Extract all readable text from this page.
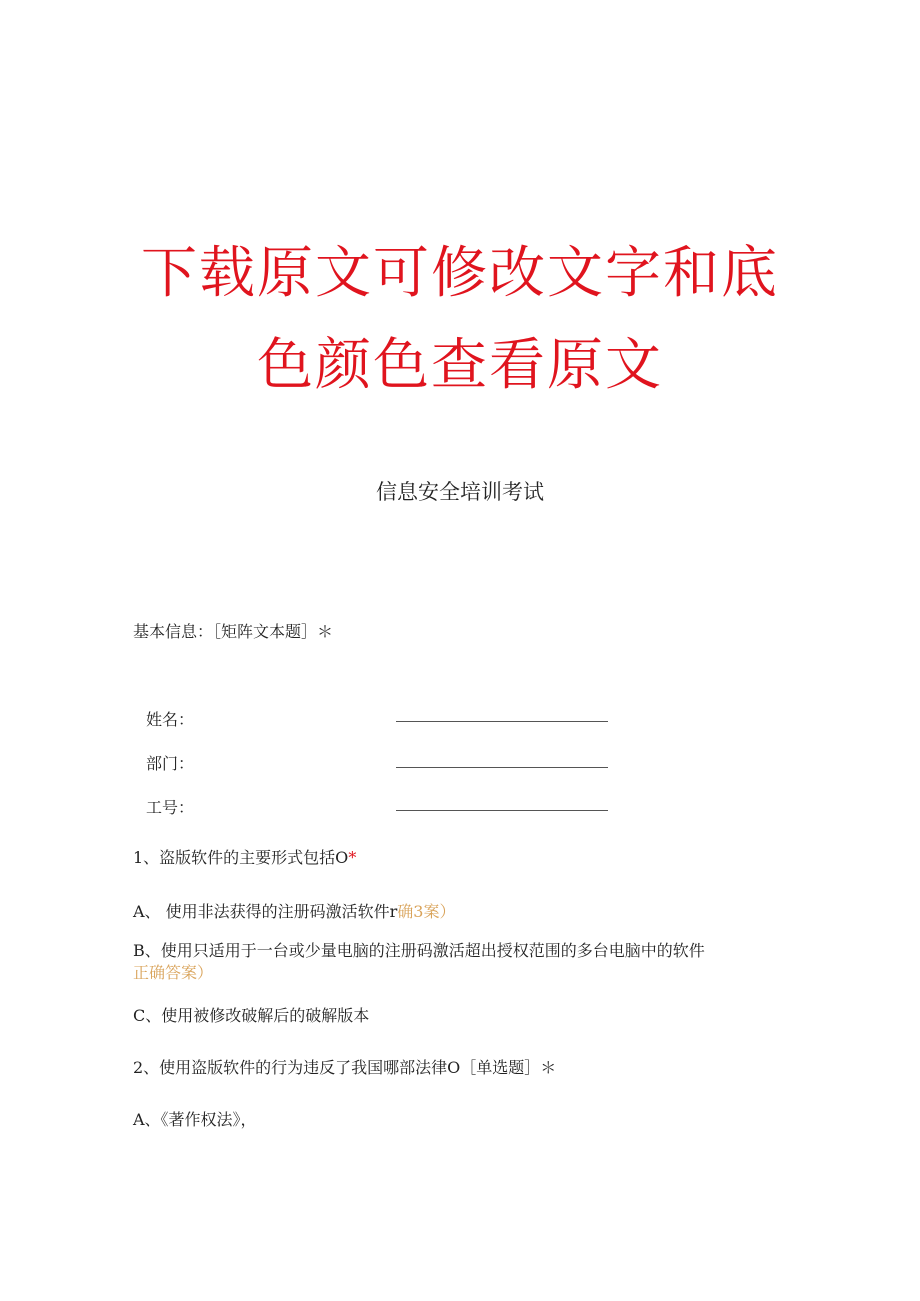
下载原文可修改文字和底
色颜色查看原文
信息安全培训考试
基本信息：［矩阵文本题］＊
姓名：
部门：
工号：
1、盗版软件的主要形式包括O*
A、 使用非法获得的注册码激活软件r确3案）
B、使用只适用于一台或少量电脑的注册码激活超出授权范围的多台电脑中的软件正确答案）
C、使用被修改破解后的破解版本
2、使用盗版软件的行为违反了我国哪部法律O［单选题］＊
A、《著作权法》，
